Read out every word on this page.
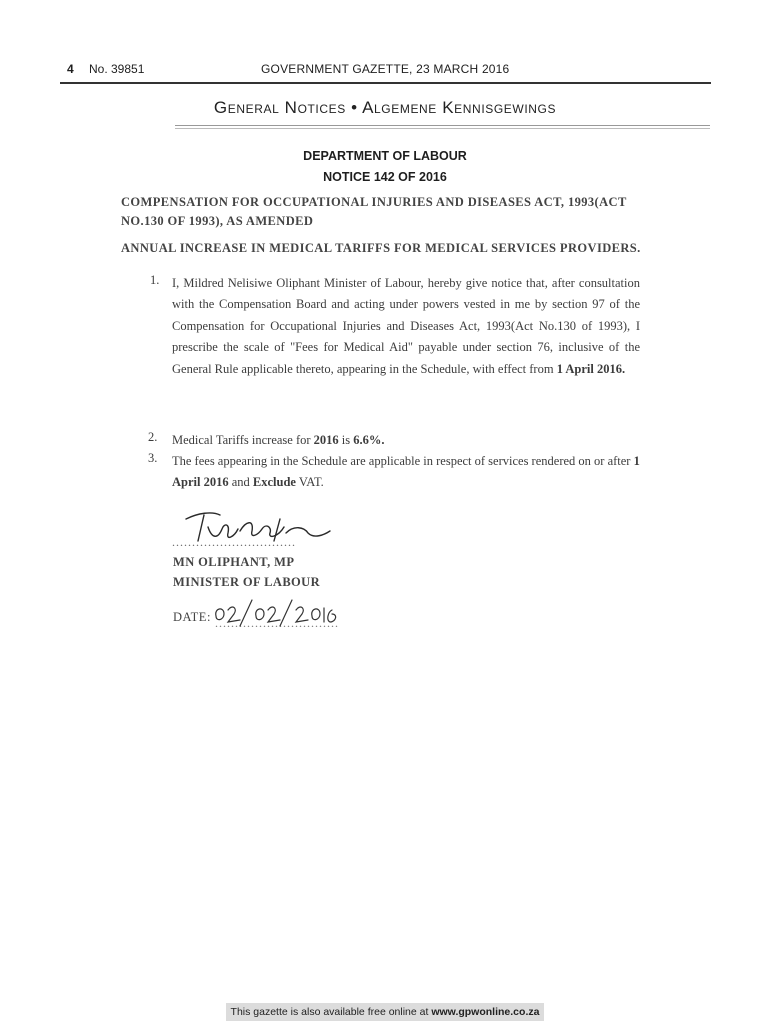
4 No. 39851	GOVERNMENT GAZETTE, 23 MARCH 2016
General Notices • Algemene Kennisgewings
DEPARTMENT OF LABOUR
NOTICE 142 OF 2016
COMPENSATION FOR OCCUPATIONAL INJURIES AND DISEASES ACT, 1993(ACT
NO.130 OF 1993), AS AMENDED
ANNUAL INCREASE IN MEDICAL TARIFFS FOR MEDICAL SERVICES PROVIDERS.
1. I, Mildred Nelisiwe Oliphant Minister of Labour, hereby give notice that, after consultation with the Compensation Board and acting under powers vested in me by section 97 of the Compensation for Occupational Injuries and Diseases Act, 1993(Act No.130 of 1993), I prescribe the scale of "Fees for Medical Aid" payable under section 76, inclusive of the General Rule applicable thereto, appearing in the Schedule, with effect from 1 April 2016.
2. Medical Tariffs increase for 2016 is 6.6%.
3. The fees appearing in the Schedule are applicable in respect of services rendered on or after 1 April 2016 and Exclude VAT.
...............................
MN OLIPHANT, MP
MINISTER OF LABOUR
DATE: ...............................
This gazette is also available free online at www.gpwonline.co.za
